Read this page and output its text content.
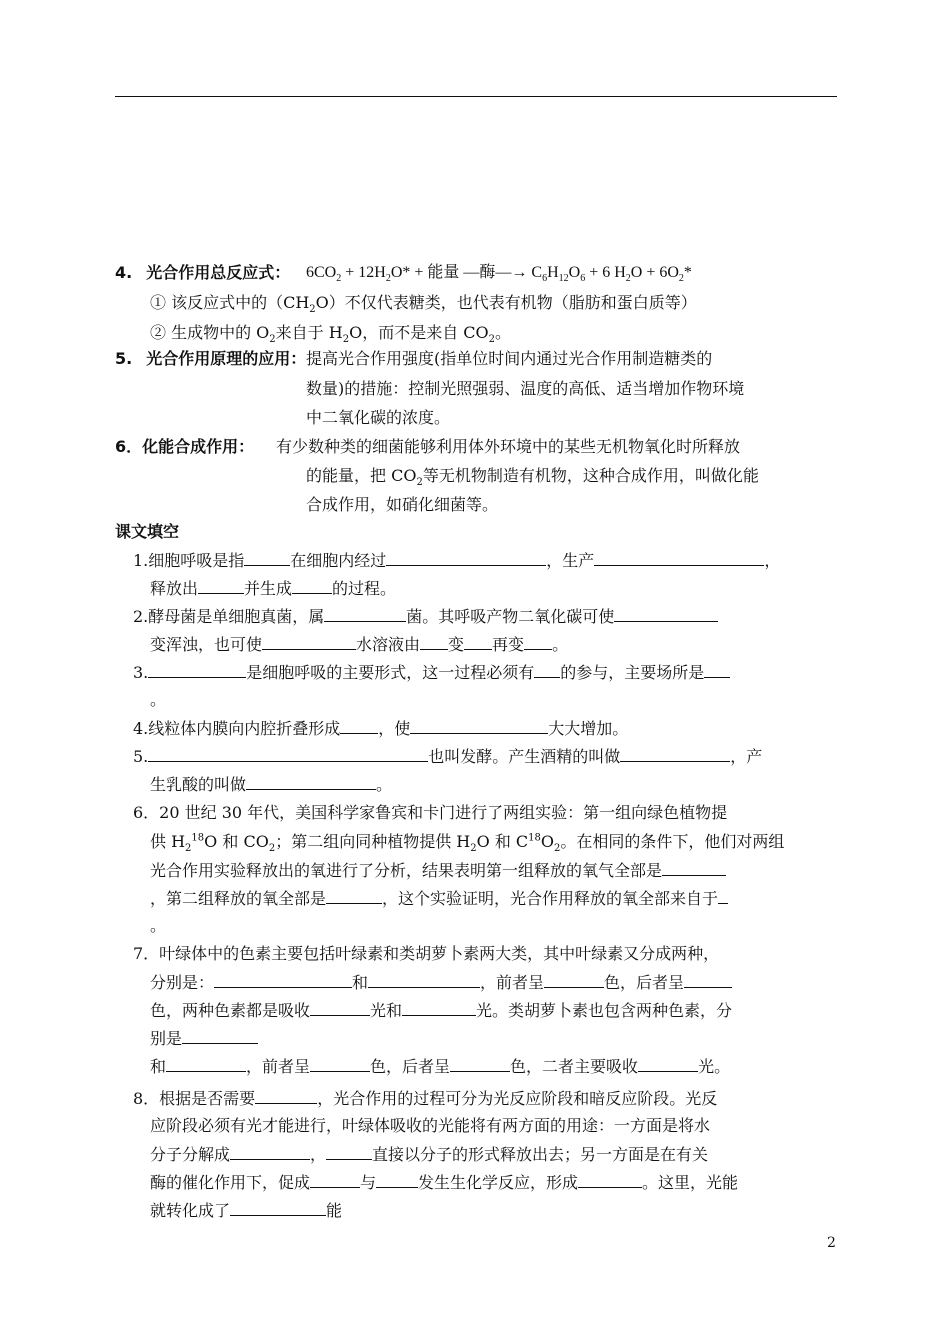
4. 光合作用总反应式： $6CO_2 + 12H_2O*$ + 能量 —酶—→ $C_6H_{12}O_6 + 6$ $H_2O + 6O_2*$
① 该反应式中的$(CH_2O)$不仅代表糖类，也代表有机物（脂肪和蛋白质等）
② 生成物中的 $O_2$来自于 $H_2O$，而不是来自 $CO_2$。
5. 光合作用原理的应用： 提高光合作用强度(指单位时间内通过光合作用制造糖类的
数量)的措施：控制光照强弱、温度的高低、适当增加作物环境
中二氧化碳的浓度。
6．化能合成作用： 有少数种类的细菌能够利用体外环境中的某些无机物氧化时所释放
的能量，把 $CO_2$等无机物制造有机物，这种合成作用，叫做化能
合成作用，如硝化细菌等。
课文填空
1.细胞呼吸是指	在细胞内经过	，生产	，
释放出	并生成	的过程。
2.酵母菌是单细胞真菌，属	菌。其呼吸产物二氧化碳可使
变浑浊，也可使	水溶液由 变 再变 。
3.	是细胞呼吸的主要形式，这一过程必须有 的参与，主要场所是
。
4.线粒体内膜向内腔折叠形成 ，使	大大增加。
5.	也叫发酵。产生酒精的叫做	，产
生乳酸的叫做	。
6．20 世纪 30 年代，美国科学家鲁宾和卡门进行了两组实验：第一组向绿色植物提
供 $H_2^{18}O$ 和 $CO_2$；第二组向同种植物提供 $H_2O$ 和 $C^{18}O_2$。在相同的条件下，他们对两组
光合作用实验释放出的氧进行了分析，结果表明第一组释放的氧气全部是
，第二组释放的氧全部是	，这个实验证明，光合作用释放的氧全部来自于
。
7．叶绿体中的色素主要包括叶绿素和类胡萝卜素两大类，其中叶绿素又分成两种，
分别是：	和	，前者呈	色，后者呈
色，两种色素都是吸收	光和	光。类胡萝卜素也包含两种色素，分
别是
和	，前者呈	色，后者呈	色，二者主要吸收	光。
8．根据是否需要	，光合作用的过程可分为光反应阶段和暗反应阶段。光反
应阶段必须有光才能进行，叶绿体吸收的光能将有两方面的用途：一方面是将水
分子分解成	，	直接以分子的形式释放出去；另一方面是在有关
酶的催化作用下，促成	与	发生生化学反应，形成	。这里，光能
就转化成了	能
2
